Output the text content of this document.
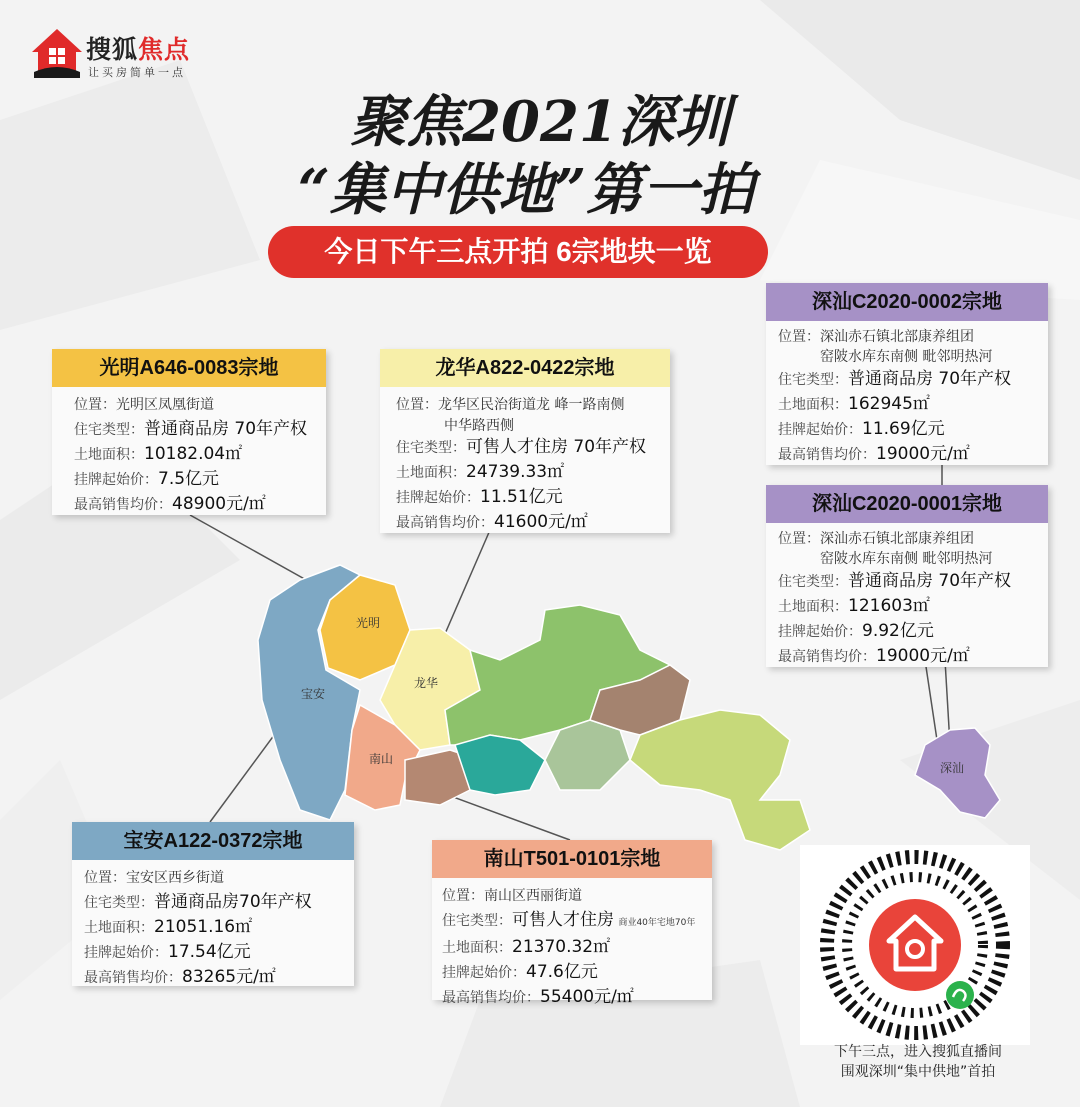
搜狐焦点
让买房简单一点
聚焦2021深圳
“集中供地”第一拍
今日下午三点开拍 6宗地块一览
光明
宝安
龙华
南山
深汕
光明A646-0083宗地
位置：光明区凤凰街道
住宅类型：普通商品房 70年产权
土地面积：10182.04㎡
挂牌起始价：7.5亿元
最高销售均价：48900元/㎡
龙华A822-0422宗地
位置：龙华区民治街道龙 峰一路南侧
中华路西侧
住宅类型：可售人才住房 70年产权
土地面积：24739.33㎡
挂牌起始价：11.51亿元
最高销售均价：41600元/㎡
深汕C2020-0002宗地
位置：深汕赤石镇北部康养组团
窑陂水库东南侧 毗邻明热河
住宅类型：普通商品房 70年产权
土地面积：162945㎡
挂牌起始价：11.69亿元
最高销售均价：19000元/㎡
深汕C2020-0001宗地
位置：深汕赤石镇北部康养组团
窑陂水库东南侧 毗邻明热河
住宅类型：普通商品房 70年产权
土地面积：121603㎡
挂牌起始价：9.92亿元
最高销售均价：19000元/㎡
宝安A122-0372宗地
位置：宝安区西乡街道
住宅类型：普通商品房70年产权
土地面积：21051.16㎡
挂牌起始价：17.54亿元
最高销售均价：83265元/㎡
南山T501-0101宗地
位置：南山区西丽街道
住宅类型：可售人才住房 商业40年宅地70年
土地面积：21370.32㎡
挂牌起始价：47.6亿元
最高销售均价：55400元/㎡
下午三点，进入搜狐直播间
围观深圳“集中供地”首拍
